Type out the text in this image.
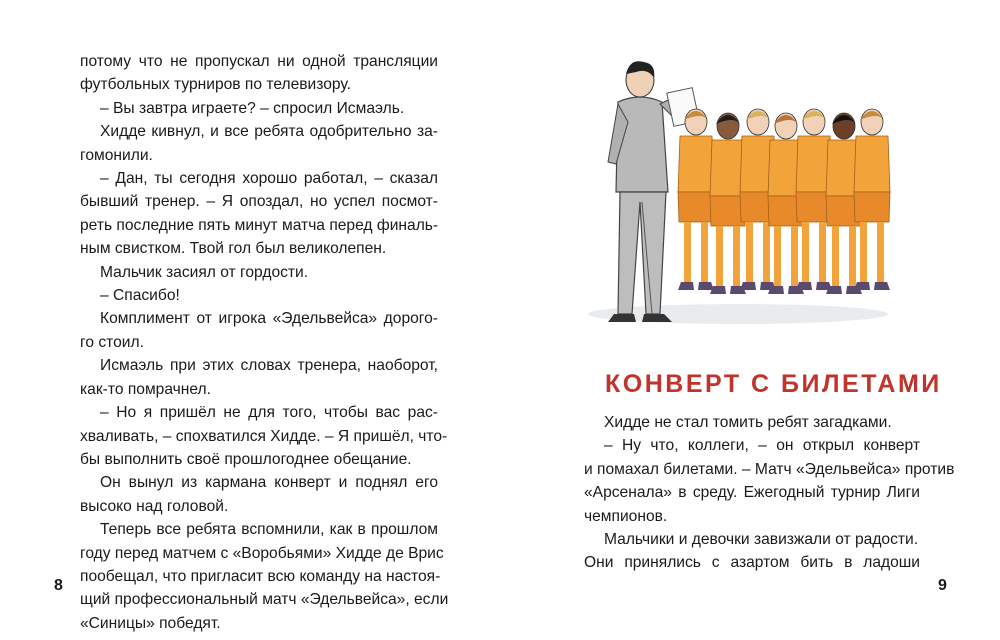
потому что не пропускал ни одной трансляции
футбольных турниров по телевизору.
– Вы завтра играете? – спросил Исмаэль.
Хидде кивнул, и все ребята одобрительно за-
гомонили.
– Дан, ты сегодня хорошо работал, – сказал
бывший тренер. – Я опоздал, но успел посмот-
реть последние пять минут матча перед финаль-
ным свистком. Твой гол был великолепен.
Мальчик засиял от гордости.
– Спасибо!
Комплимент от игрока «Эдельвейса» дорого-
го стоил.
Исмаэль при этих словах тренера, наоборот,
как-то помрачнел.
– Но я пришёл не для того, чтобы вас рас-
хваливать, – спохватился Хидде. – Я пришёл, что-
бы выполнить своё прошлогоднее обещание.
Он вынул из кармана конверт и поднял его
высоко над головой.
Теперь все ребята вспомнили, как в прошлом
году перед матчем с «Воробьями» Хидде де Врис
пообещал, что пригласит всю команду на настоя-
щий профессиональный матч «Эдельвейса», если
«Синицы» победят.
8
КОНВЕРТ С БИЛЕТАМИ
Хидде не стал томить ребят загадками.
– Ну что, коллеги, – он открыл конверт
и помахал билетами. – Матч «Эдельвейса» против
«Арсенала» в среду. Ежегодный турнир Лиги
чемпионов.
Мальчики и девочки завизжали от радости.
Они принялись с азартом бить в ладоши
9
